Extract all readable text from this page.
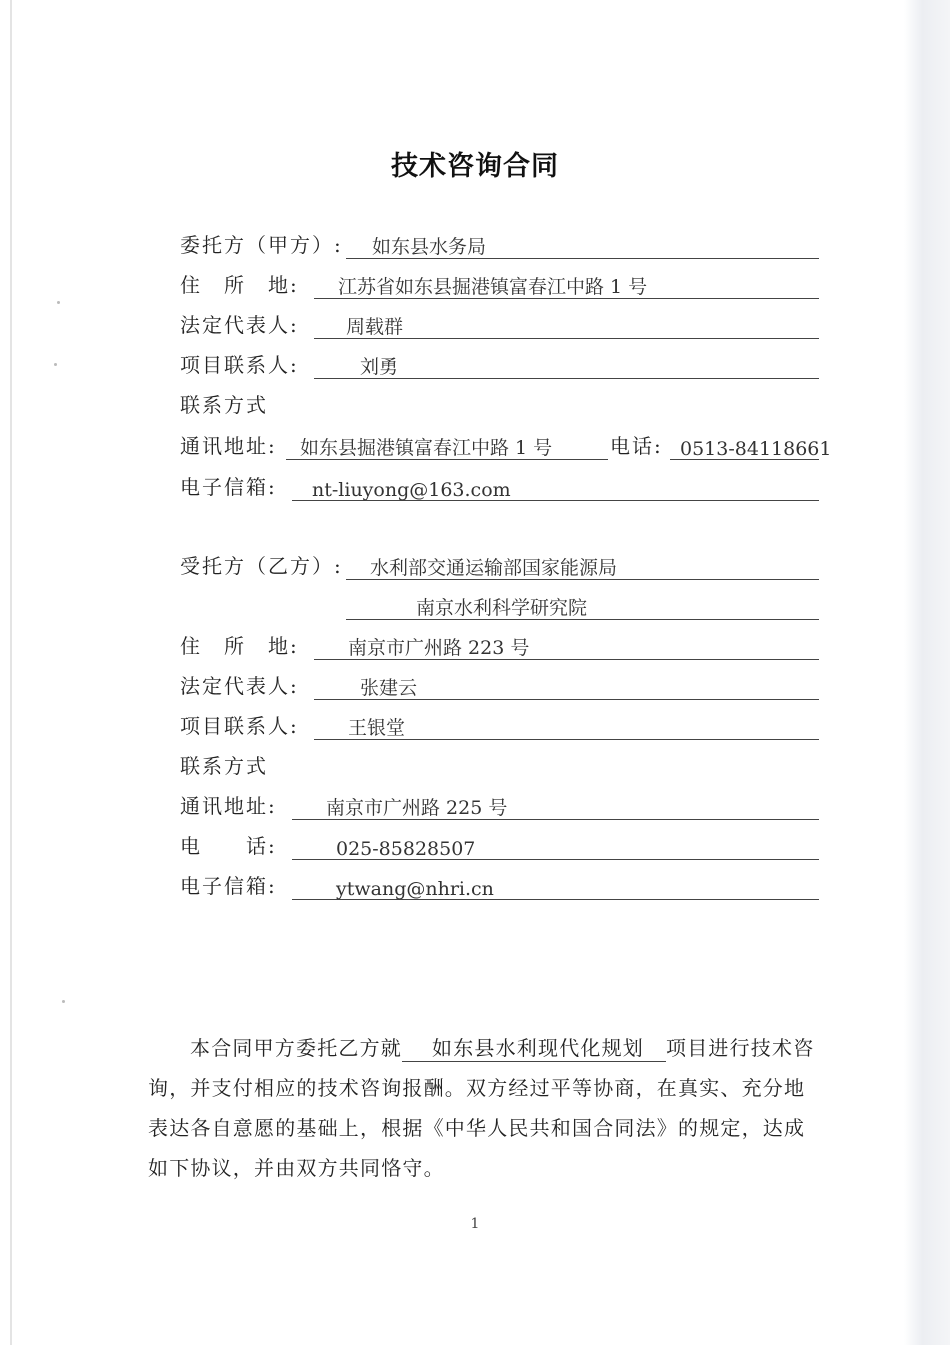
技术咨询合同
委托方（甲方）: 如东县水务局
住　所　地: 江苏省如东县掘港镇富春江中路 1 号
法定代表人: 周载群
项目联系人:	刘勇
联系方式
通讯地址: 如东县掘港镇富春江中路 1 号	电话: 0513-84118661
电子信箱: nt-liuyong@163.com
受托方（乙方）: 水利部交通运输部国家能源局
南京水利科学研究院
住　所　地:	南京市广州路 223 号
法定代表人:	张建云
项目联系人:	王银堂
联系方式
通讯地址:	南京市广州路 225 号
电　　话:	025-85828507
电子信箱:	ytwang@nhri.cn
本合同甲方委托乙方就 如东县水利现代化规划 项目进行技术咨询，并支付相应的技术咨询报酬。双方经过平等协商，在真实、充分地表达各自意愿的基础上，根据《中华人民共和国合同法》的规定，达成如下协议，并由双方共同恪守。
1
